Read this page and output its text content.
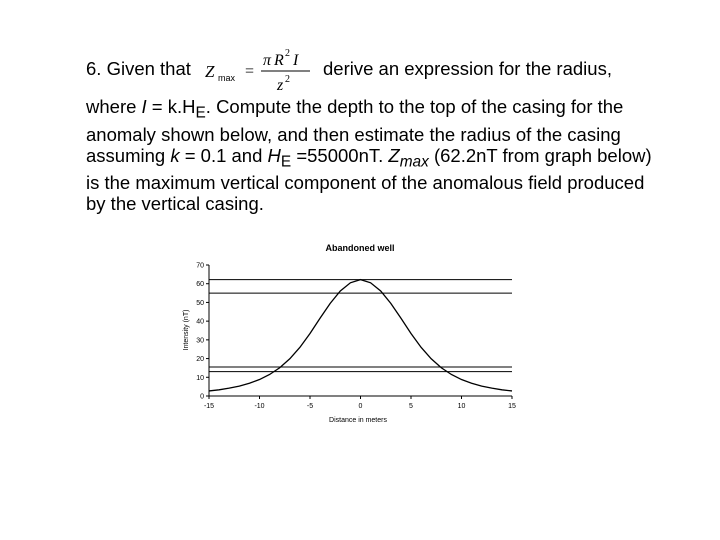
6. Given that	derive an expression for the radius,
Z max =
π R 2 I
z 2
where $I = k.H_E$. Compute the depth to the top of the casing for the anomaly shown below, and then estimate the radius of the casing assuming k = 0.1 and $H_E =55000nT$. $Z_{max}$ (62.2nT from graph below) is the maximum vertical component of the anomalous field produced by the vertical casing.
Abandoned well
Intensity (nT)
Distance in meters
0
10
20
30
40
50
60
70
-15	-10	-5	0	5	10	15
